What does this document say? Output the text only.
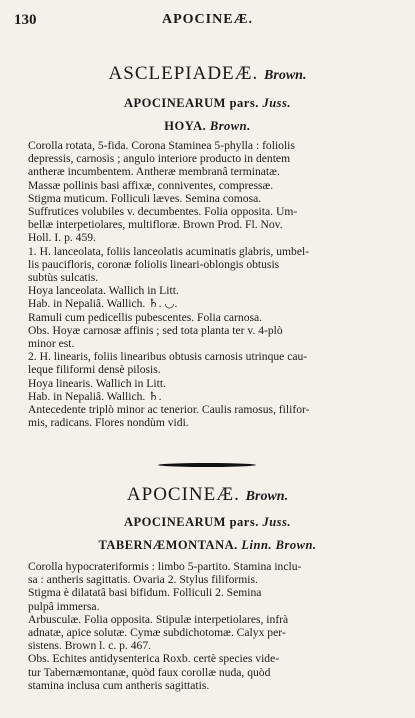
130	APOCINEÆ.
ASCLEPIADEÆ. Brown.
APOCINEARUM pars. Juss.
HOYA. Brown.

Corolla rotata, 5-fida. Corona Staminea 5-phylla : foliolis

depressis, carnosis ; angulo interiore producto in dentem

antheræ incumbentem. Antheræ membranâ terminatæ.

Massæ pollinis basi affixæ, conniventes, compressæ.

Stigma muticum. Folliculi læves. Semina comosa.

Suffrutices volubiles v. decumbentes. Folia opposita. Um-

bellæ interpetiolares, multifloræ. Brown Prod. Fl. Nov.

Holl. I. p. 459.

1. H. lanceolata, foliis lanceolatis acuminatis glabris, umbel-

lis paucifloris, coronæ foliolis lineari-oblongis obtusis

subtùs sulcatis.

Hoya lanceolata. Wallich in Litt.

Hab. in Nepaliâ. Wallich. ♄. ◡.

Ramuli cum pedicellis pubescentes. Folia carnosa.

Obs. Hoyæ carnosæ affinis ; sed tota planta ter v. 4-plò

minor est.

2. H. linearis, foliis linearibus obtusis carnosis utrinque cau-

leque filiformi densè pilosis.

Hoya linearis. Wallich in Litt.

Hab. in Nepaliâ. Wallich. ♄.

Antecedente triplò minor ac tenerior. Caulis ramosus, filifor-

mis, radicans. Flores nondùm vidi.

APOCINEÆ. Brown.
APOCINEARUM pars. Juss.
TABERNÆMONTANA. Linn. Brown.

Corolla hypocrateriformis : limbo 5-partito. Stamina inclu-

sa : antheris sagittatis. Ovaria 2. Stylus filiformis.

Stigma è dilatatâ basi bifidum. Folliculi 2. Semina

pulpâ immersa.

Arbusculæ. Folia opposita. Stipulæ interpetiolares, infrà

adnatæ, apice solutæ. Cymæ subdichotomæ. Calyx per-

sistens. Brown l. c. p. 467.

Obs. Echites antidysenterica Roxb. certè species vide-

tur Tabernæmontanæ, quòd faux corollæ nuda, quòd

stamina inclusa cum antheris sagittatis.
